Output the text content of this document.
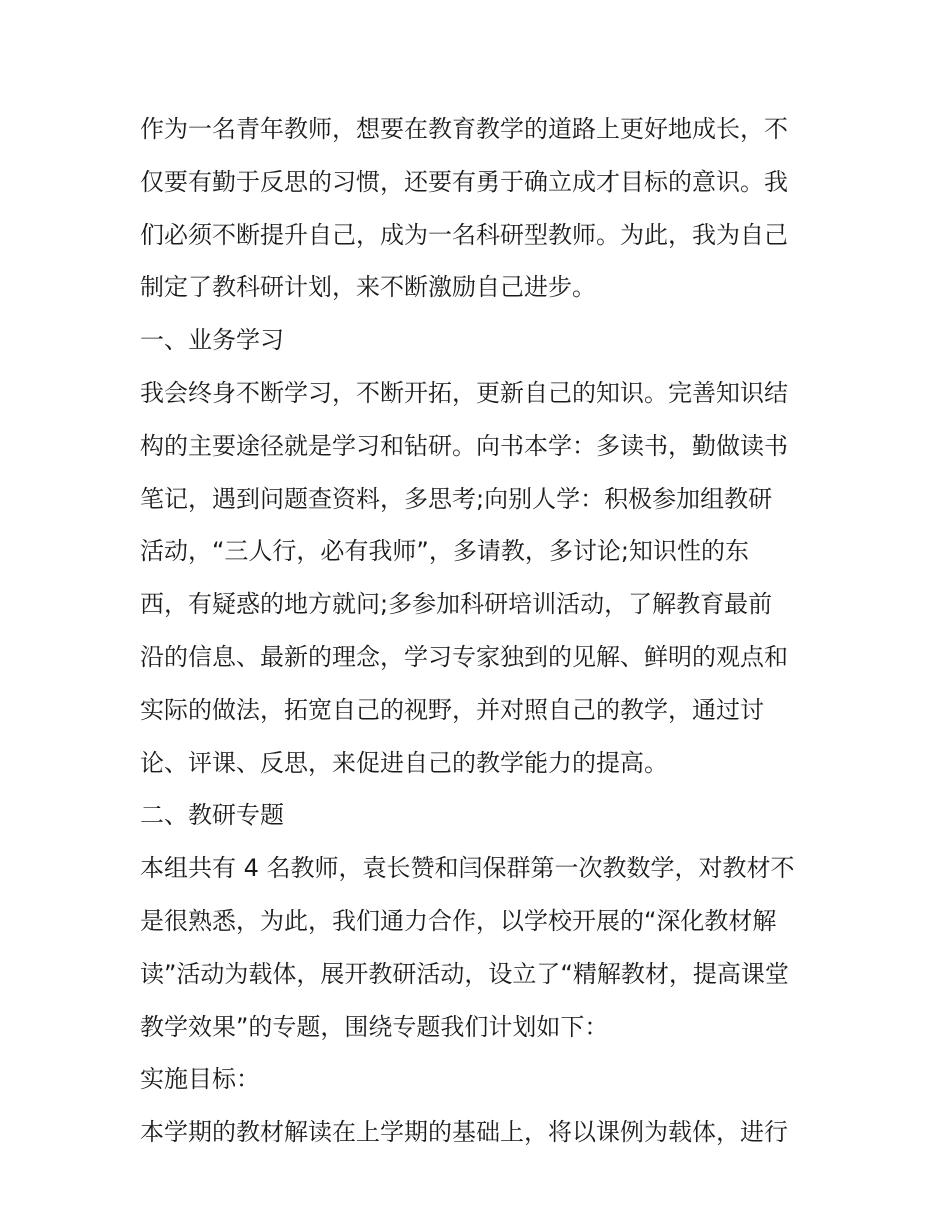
作为一名青年教师，想要在教育教学的道路上更好地成长，不
仅要有勤于反思的习惯，还要有勇于确立成才目标的意识。我
们必须不断提升自己，成为一名科研型教师。为此，我为自己
制定了教科研计划，来不断激励自己进步。
一、业务学习
我会终身不断学习，不断开拓，更新自己的知识。完善知识结
构的主要途径就是学习和钻研。向书本学：多读书，勤做读书
笔记，遇到问题查资料，多思考;向别人学：积极参加组教研
活动，“三人行，必有我师”，多请教，多讨论;知识性的东
西，有疑惑的地方就问;多参加科研培训活动，了解教育最前
沿的信息、最新的理念，学习专家独到的见解、鲜明的观点和
实际的做法，拓宽自己的视野，并对照自己的教学，通过讨
论、评课、反思，来促进自己的教学能力的提高。
二、教研专题
本组共有 4 名教师，袁长赞和闫保群第一次教数学，对教材不
是很熟悉，为此，我们通力合作，以学校开展的“深化教材解
读”活动为载体，展开教研活动，设立了“精解教材，提高课堂
教学效果”的专题，围绕专题我们计划如下：
实施目标：
本学期的教材解读在上学期的基础上，将以课例为载体，进行
